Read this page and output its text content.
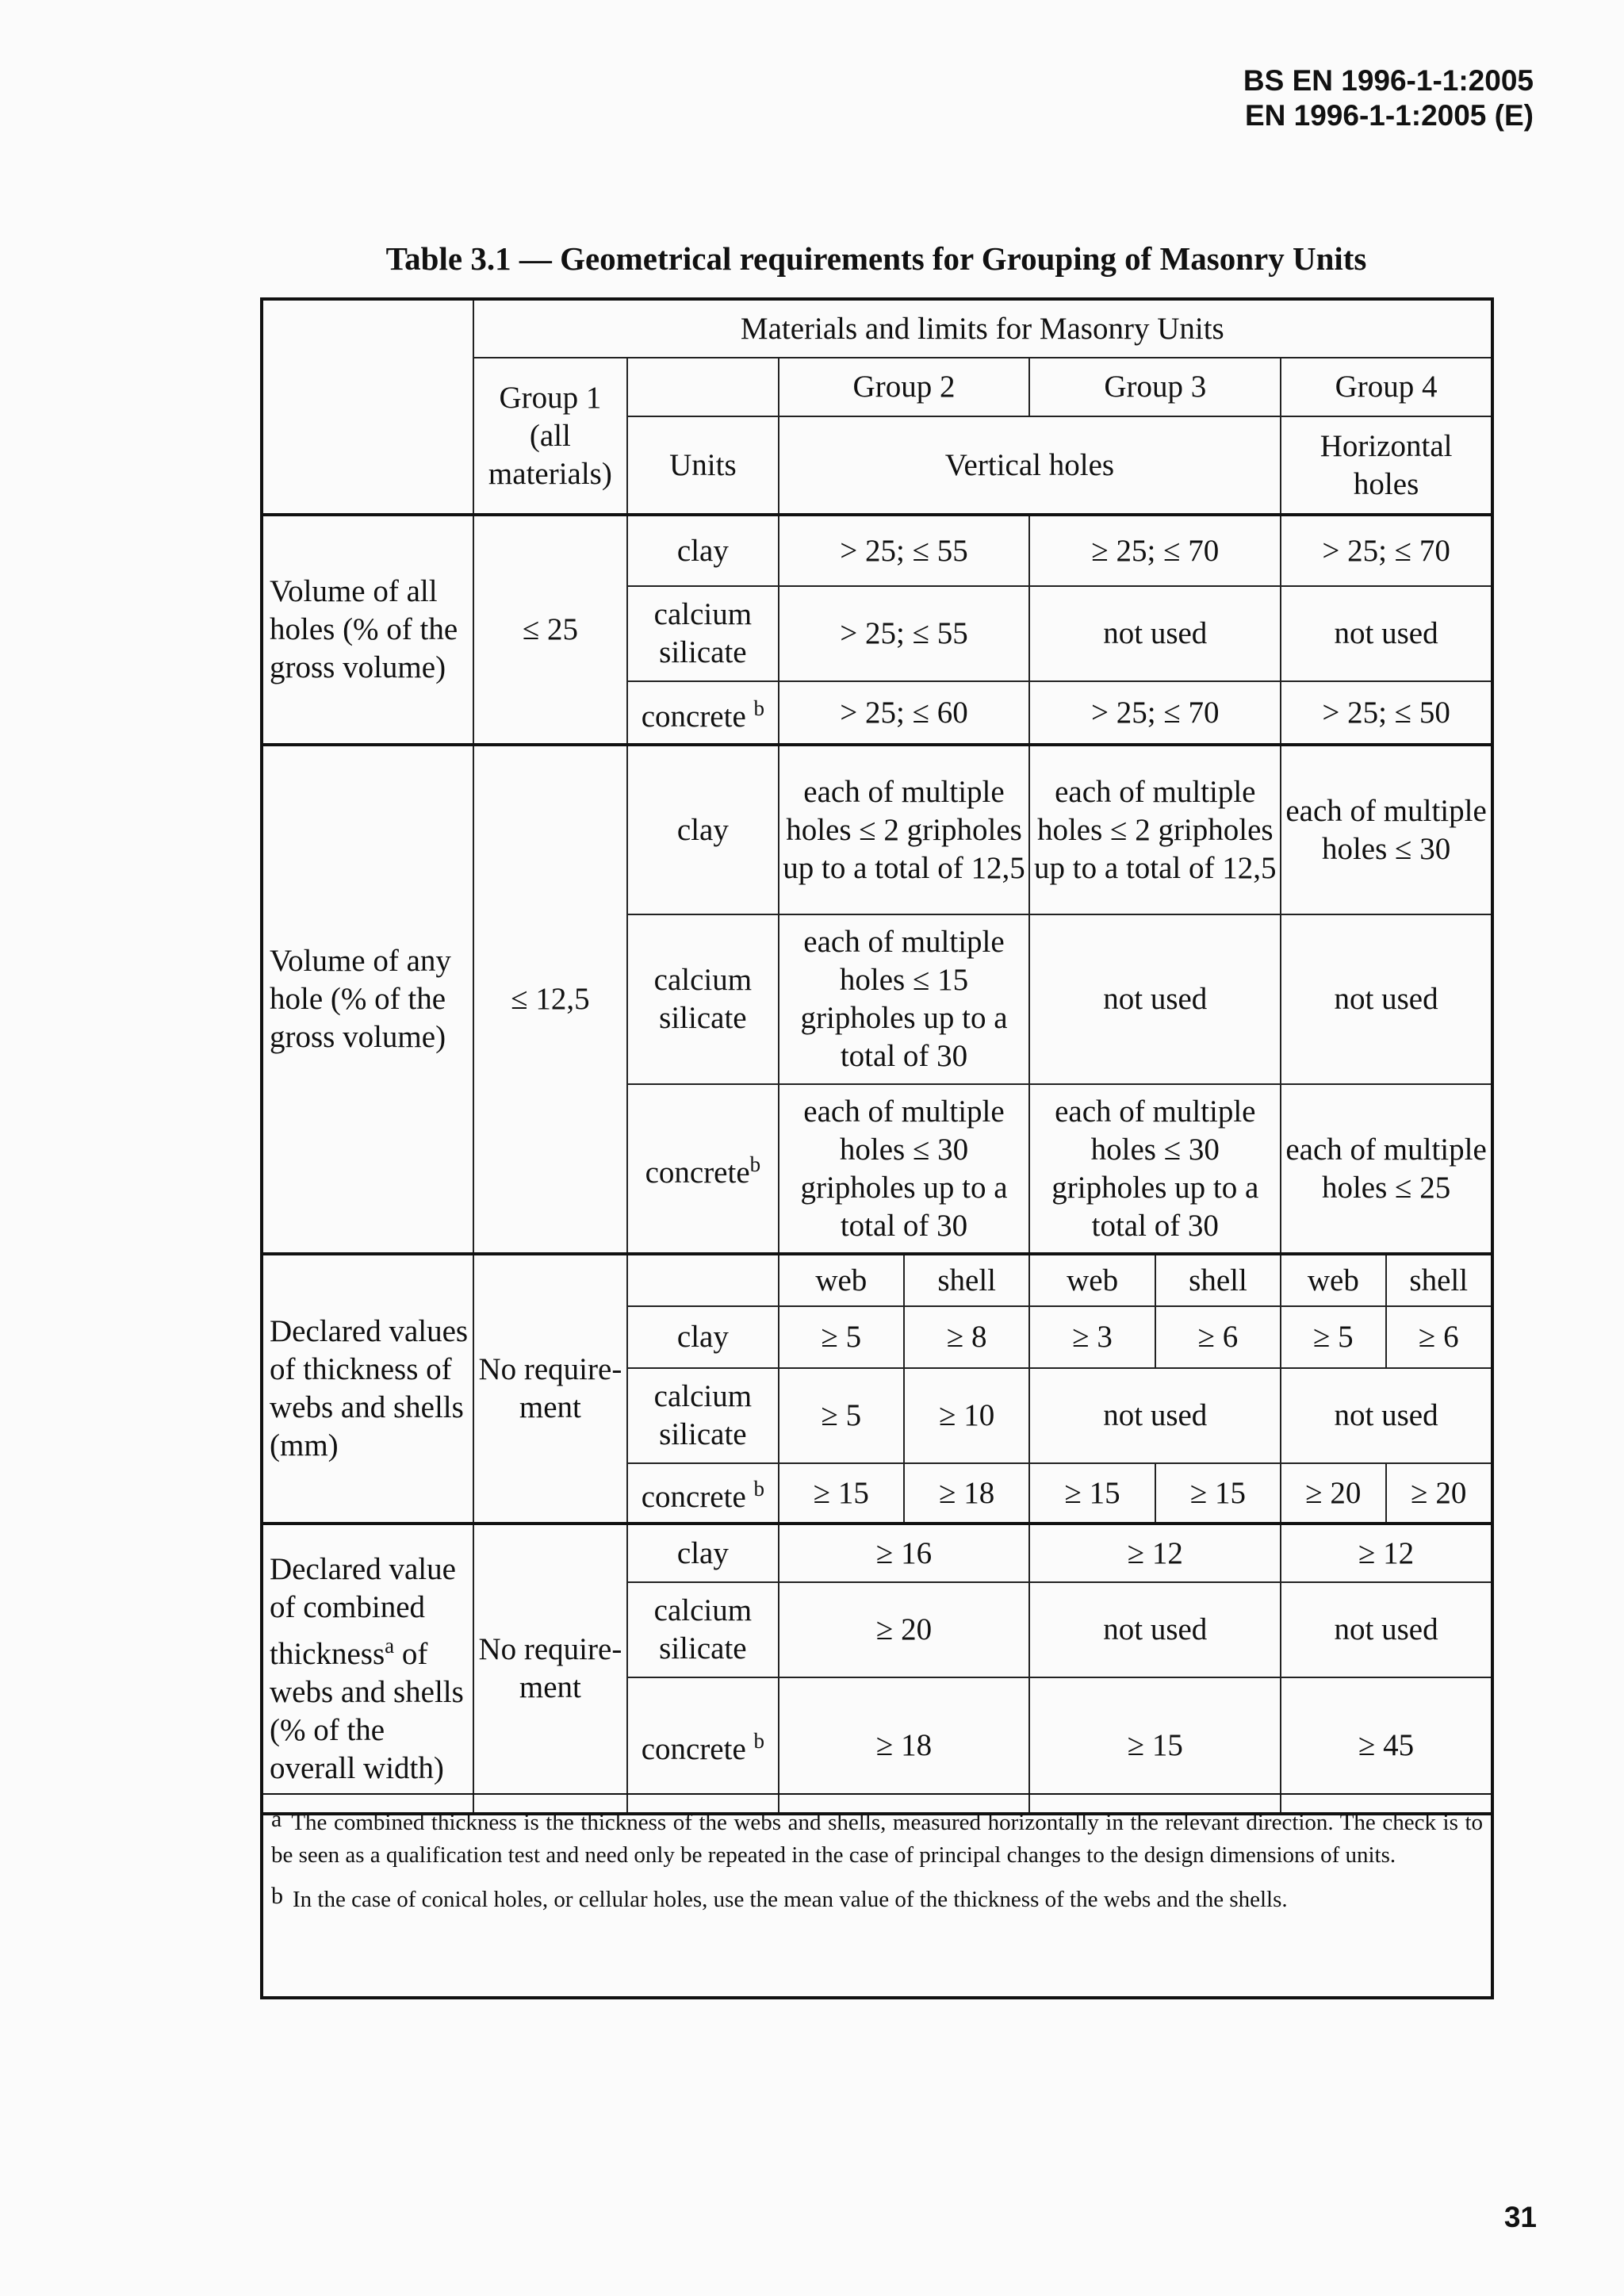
BS EN 1996-1-1:2005
EN 1996-1-1:2005 (E)
Table 3.1 — Geometrical requirements for Grouping of Masonry Units
	Materials and limits for Masonry Units							
	Group 1 (all materials)		Group 2		Group 3		Group 4	
		Units	Vertical holes				Horizontal holes	
Volume of all holes (% of the gross volume)	≤ 25	clay	> 25; ≤ 55		≥ 25; ≤ 70		> 25; ≤ 70	
		calcium silicate	> 25; ≤ 55		not used		not used	
		concrete $^b$	> 25; ≤ 60		> 25; ≤ 70		> 25; ≤ 50	
Volume of any hole (% of the gross volume)	≤ 12,5	clay	each of multiple holes ≤ 2 gripholes up to a total of 12,5		each of multiple holes ≤ 2 gripholes up to a total of 12,5		each of multiple holes ≤ 30	
		calcium silicate	each of multiple holes ≤ 15 gripholes up to a total of 30		not used		not used	
		concrete$^b$	each of multiple holes ≤ 30 gripholes up to a total of 30		each of multiple holes ≤ 30 gripholes up to a total of 30		each of multiple holes ≤ 25	
Declared values of thickness of webs and shells (mm)	No require-ment		web	shell	web	shell	web	shell
		clay	≥ 5	≥ 8	≥ 3	≥ 6	≥ 5	≥ 6
		calcium silicate	≥ 5	≥ 10	not used		not used	
		concrete $^b$	≥ 15	≥ 18	≥ 15	≥ 15	≥ 20	≥ 20
Declared value of combined thickness$^a$ of webs and shells (% of the overall width)	No require-ment	clay	≥ 16		≥ 12		≥ 12	
		calcium silicate	≥ 20		not used		not used	
		concrete $^b$	≥ 18		≥ 15		≥ 45	

a The combined thickness is the thickness of the webs and shells, measured horizontally in the relevant direction. The check is to be seen as a qualification test and need only be repeated in the case of principal changes to the design dimensions of units.

b In the case of conical holes, or cellular holes, use the mean value of the thickness of the webs and the shells.

31
